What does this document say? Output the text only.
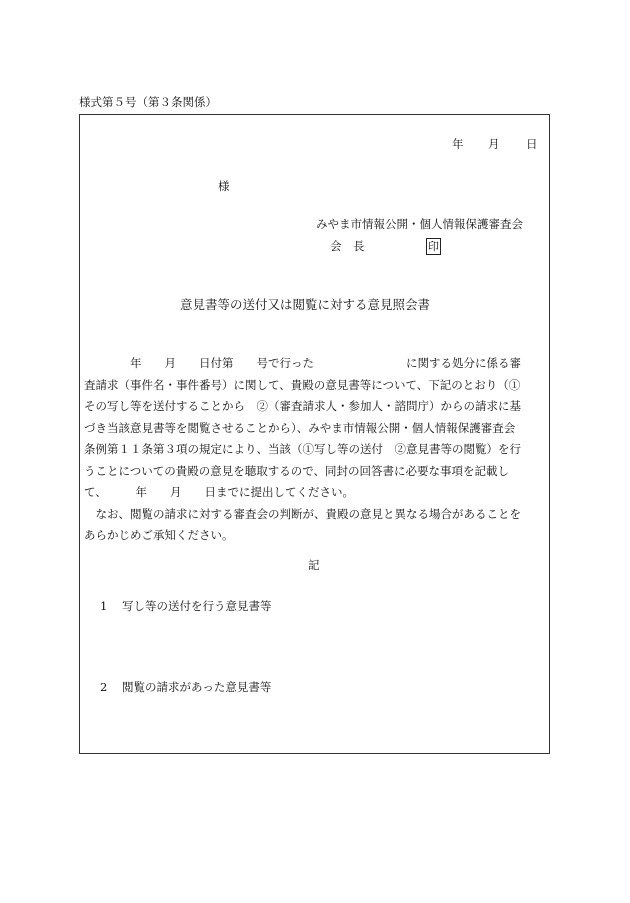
様式第５号（第３条関係）
年 月 日
様
みやま市情報公開・個人情報保護審査会
会　長	印
意見書等の送付又は閲覧に対する意見照会書
　　　　年　　月　　日付第　　号で行った　　　　　　　　に関する処分に係る審
査請求（事件名・事件番号）に関して、貴殿の意見書等について、下記のとおり（①
その写し等を送付することから　②（審査請求人・参加人・諮問庁）からの請求に基
づき当該意見書等を閲覧させることから）、みやま市情報公開・個人情報保護審査会
条例第１１条第３項の規定により、当該（①写し等の送付　②意見書等の閲覧）を行
うことについての貴殿の意見を聴取するので、同封の回答書に必要な事項を記載し
て、　　　年　　月　　日までに提出してください。
　なお、閲覧の請求に対する審査会の判断が、貴殿の意見と異なる場合があることを
あらかじめご承知ください。
記
1 写し等の送付を行う意見書等
2 閲覧の請求があった意見書等
